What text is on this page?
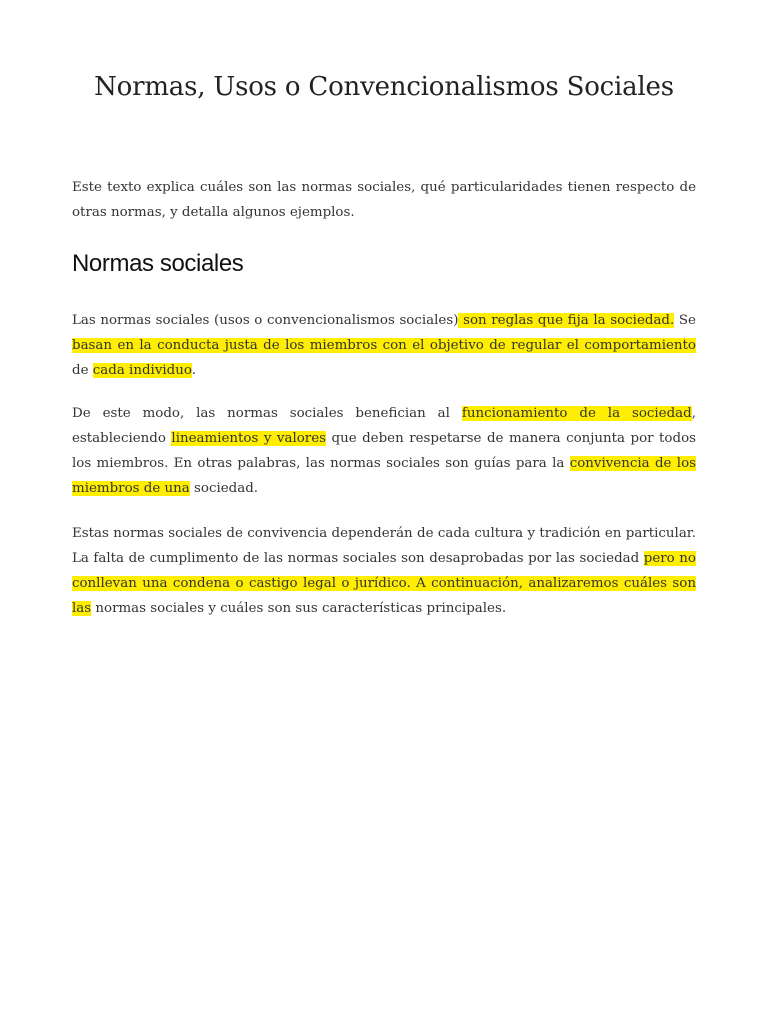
Normas, Usos o Convencionalismos Sociales

Este texto explica cuáles son las normas sociales, qué particularidades tienen respecto de otras normas, y detalla algunos ejemplos.

Normas sociales

Las normas sociales (usos o convencionalismos sociales) son reglas que fija la sociedad. Se basan en la conducta justa de los miembros con el objetivo de regular el comportamiento de cada individuo.

De este modo, las normas sociales benefician al funcionamiento de la sociedad, estableciendo lineamientos y valores que deben respetarse de manera conjunta por todos los miembros. En otras palabras, las normas sociales son guías para la convivencia de los miembros de una sociedad.

Estas normas sociales de convivencia dependerán de cada cultura y tradición en particular. La falta de cumplimento de las normas sociales son desaprobadas por las sociedad pero no conllevan una condena o castigo legal o jurídico. A continuación, analizaremos cuáles son las normas sociales y cuáles son sus características principales.
